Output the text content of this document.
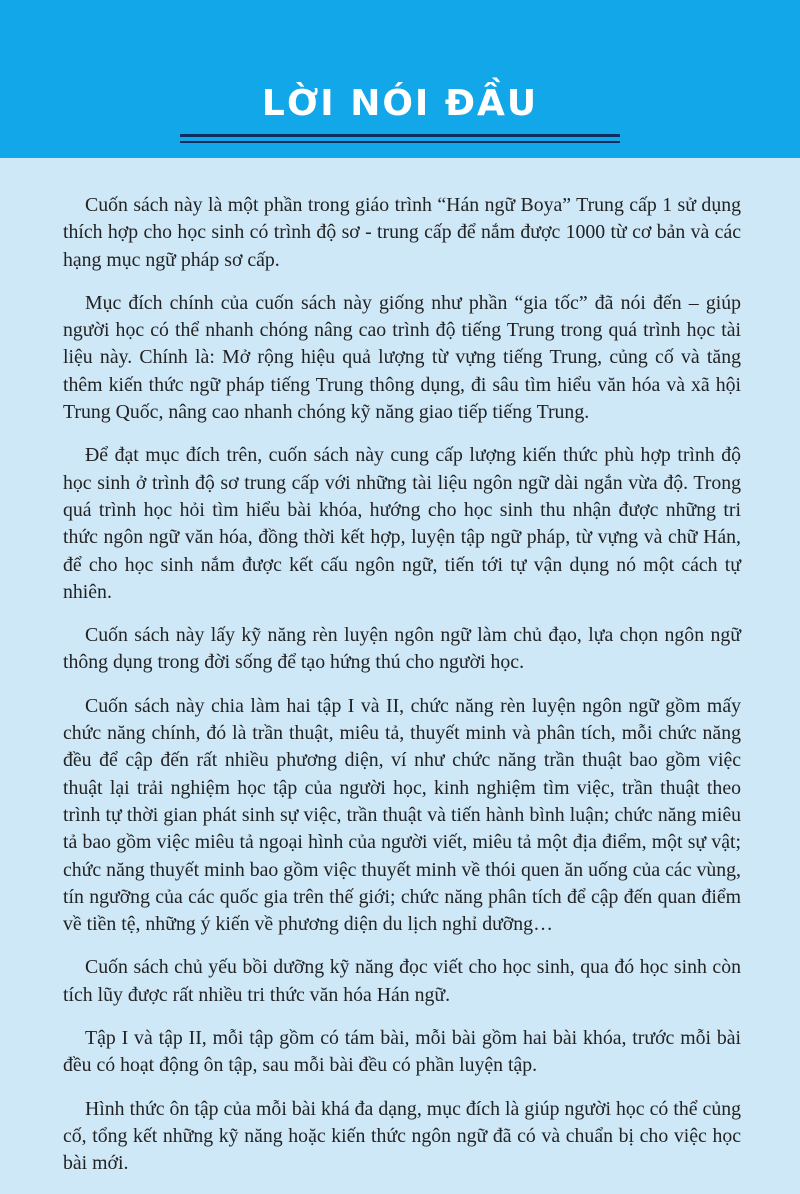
LỜI NÓI ĐẦU

Cuốn sách này là một phần trong giáo trình “Hán ngữ Boya” Trung cấp 1 sử dụng thích hợp cho học sinh có trình độ sơ - trung cấp để nắm được 1000 từ cơ bản và các hạng mục ngữ pháp sơ cấp.

Mục đích chính của cuốn sách này giống như phần “gia tốc” đã nói đến – giúp người học có thể nhanh chóng nâng cao trình độ tiếng Trung trong quá trình học tài liệu này. Chính là: Mở rộng hiệu quả lượng từ vựng tiếng Trung, củng cố và tăng thêm kiến thức ngữ pháp tiếng Trung thông dụng, đi sâu tìm hiểu văn hóa và xã hội Trung Quốc, nâng cao nhanh chóng kỹ năng giao tiếp tiếng Trung.

Để đạt mục đích trên, cuốn sách này cung cấp lượng kiến thức phù hợp trình độ học sinh ở trình độ sơ trung cấp với những tài liệu ngôn ngữ dài ngắn vừa độ. Trong quá trình học hỏi tìm hiểu bài khóa, hướng cho học sinh thu nhận được những tri thức ngôn ngữ văn hóa, đồng thời kết hợp, luyện tập ngữ pháp, từ vựng và chữ Hán, để cho học sinh nắm được kết cấu ngôn ngữ, tiến tới tự vận dụng nó một cách tự nhiên.

Cuốn sách này lấy kỹ năng rèn luyện ngôn ngữ làm chủ đạo, lựa chọn ngôn ngữ thông dụng trong đời sống để tạo hứng thú cho người học.

Cuốn sách này chia làm hai tập I và II, chức năng rèn luyện ngôn ngữ gồm mấy chức năng chính, đó là trần thuật, miêu tả, thuyết minh và phân tích, mỗi chức năng đều để cập đến rất nhiều phương diện, ví như chức năng trần thuật bao gồm việc thuật lại trải nghiệm học tập của người học, kinh nghiệm tìm việc, trần thuật theo trình tự thời gian phát sinh sự việc, trần thuật và tiến hành bình luận; chức năng miêu tả bao gồm việc miêu tả ngoại hình của người viết, miêu tả một địa điểm, một sự vật; chức năng thuyết minh bao gồm việc thuyết minh về thói quen ăn uống của các vùng, tín ngưỡng của các quốc gia trên thế giới; chức năng phân tích để cập đến quan điểm về tiền tệ, những ý kiến về phương diện du lịch nghỉ dưỡng…

Cuốn sách chủ yếu bồi dưỡng kỹ năng đọc viết cho học sinh, qua đó học sinh còn tích lũy được rất nhiều tri thức văn hóa Hán ngữ.

Tập I và tập II, mỗi tập gồm có tám bài, mỗi bài gồm hai bài khóa, trước mỗi bài đều có hoạt động ôn tập, sau mỗi bài đều có phần luyện tập.

Hình thức ôn tập của mỗi bài khá đa dạng, mục đích là giúp người học có thể củng cố, tổng kết những kỹ năng hoặc kiến thức ngôn ngữ đã có và chuẩn bị cho việc học bài mới.
